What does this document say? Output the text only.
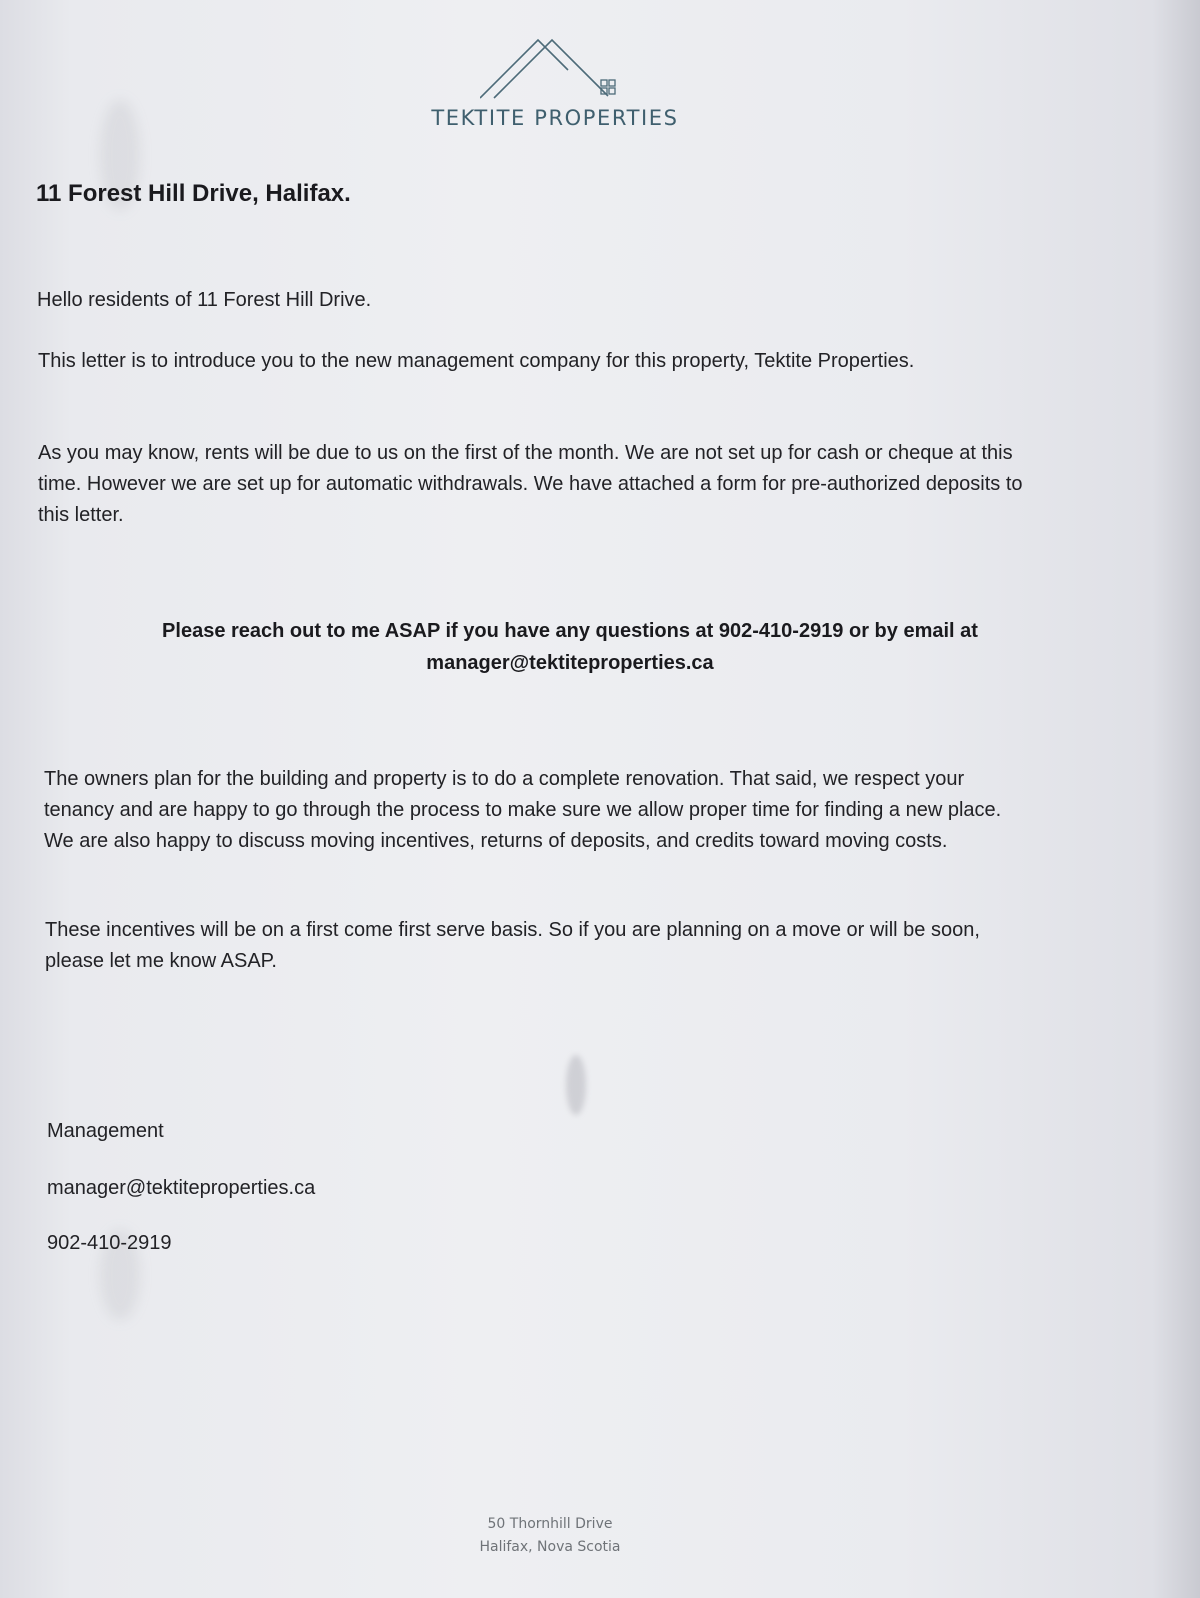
TEKTITE PROPERTIES
11 Forest Hill Drive, Halifax.
Hello residents of 11 Forest Hill Drive.
This letter is to introduce you to the new management company for this property, Tektite Properties.
As you may know, rents will be due to us on the first of the month. We are not set up for cash or cheque at this time. However we are set up for automatic withdrawals. We have attached a form for pre-authorized deposits to this letter.
Please reach out to me ASAP if you have any questions at 902-410-2919 or by email at
manager@tektiteproperties.ca
The owners plan for the building and property is to do a complete renovation. That said, we respect your tenancy and are happy to go through the process to make sure we allow proper time for finding a new place. We are also happy to discuss moving incentives, returns of deposits, and credits toward moving costs.
These incentives will be on a first come first serve basis. So if you are planning on a move or will be soon, please let me know ASAP.
Management
manager@tektiteproperties.ca
902-410-2919
50 Thornhill Drive
Halifax, Nova Scotia
